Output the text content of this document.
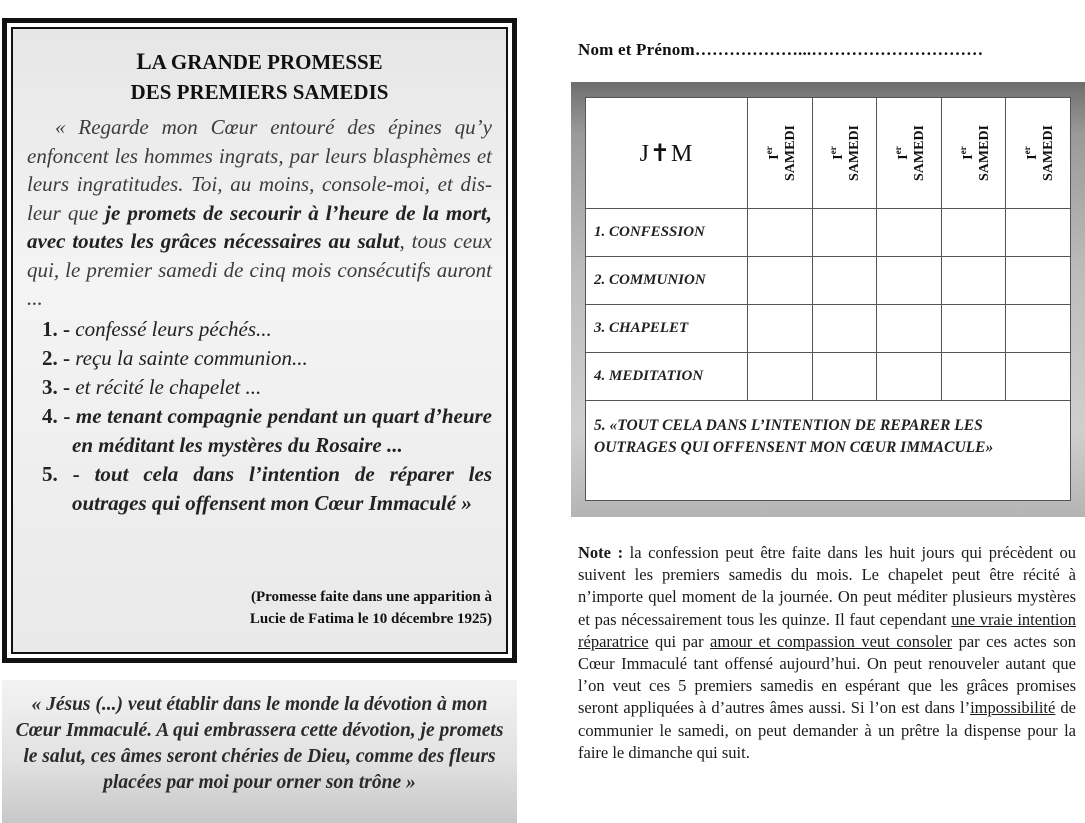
LA GRANDE PROMESSE
DES PREMIERS SAMEDIS

« Regarde mon Cœur entouré des épines qu’y enfoncent les hommes ingrats, par leurs blasphèmes et leurs ingratitudes. Toi, au moins, console-moi, et dis-leur que je promets de secourir à l’heure de la mort, avec toutes les grâces nécessaires au salut, tous ceux qui, le premier samedi de cinq mois consécutifs auront ...

1. - confessé leurs péchés...
2. - reçu la sainte communion...
3. - et récité le chapelet ...
4. - me tenant compagnie pendant un quart d’heure en méditant les mystères du Rosaire ...
5. - tout cela dans l’intention de réparer les outrages qui offensent mon Cœur Immaculé »
(Promesse faite dans une apparition à
Lucie de Fatima le 10 décembre 1925)

« Jésus (...) veut établir dans le monde la dévotion à mon Cœur Immaculé. A qui embrassera cette dévotion, je promets le salut, ces âmes seront chéries de Dieu, comme des fleurs placées par moi pour orner son trône »

Nom et Prénom………………...…………………………
J✝M	Ier SAMEDI	Ier SAMEDI	Ier SAMEDI	Ier SAMEDI	Ier SAMEDI

1. CONFESSION					
2. COMMUNION					
3. CHAPELET					
4. MEDITATION					
5. «TOUT CELA DANS L’INTENTION DE REPARER LES OUTRAGES QUI OFFENSENT MON CŒUR IMMACULE»					

Note : la confession peut être faite dans les huit jours qui précèdent ou suivent les premiers samedis du mois. Le chapelet peut être récité à n’importe quel moment de la journée. On peut méditer plusieurs mystères et pas nécessairement tous les quinze. Il faut cependant une vraie intention réparatrice qui par amour et compassion veut consoler par ces actes son Cœur Immaculé tant offensé aujourd’hui. On peut renouveler autant que l’on veut ces 5 premiers samedis en espérant que les grâces promises seront appliquées à d’autres âmes aussi. Si l’on est dans l’impossibilité de communier le samedi, on peut demander à un prêtre la dispense pour la faire le dimanche qui suit.
